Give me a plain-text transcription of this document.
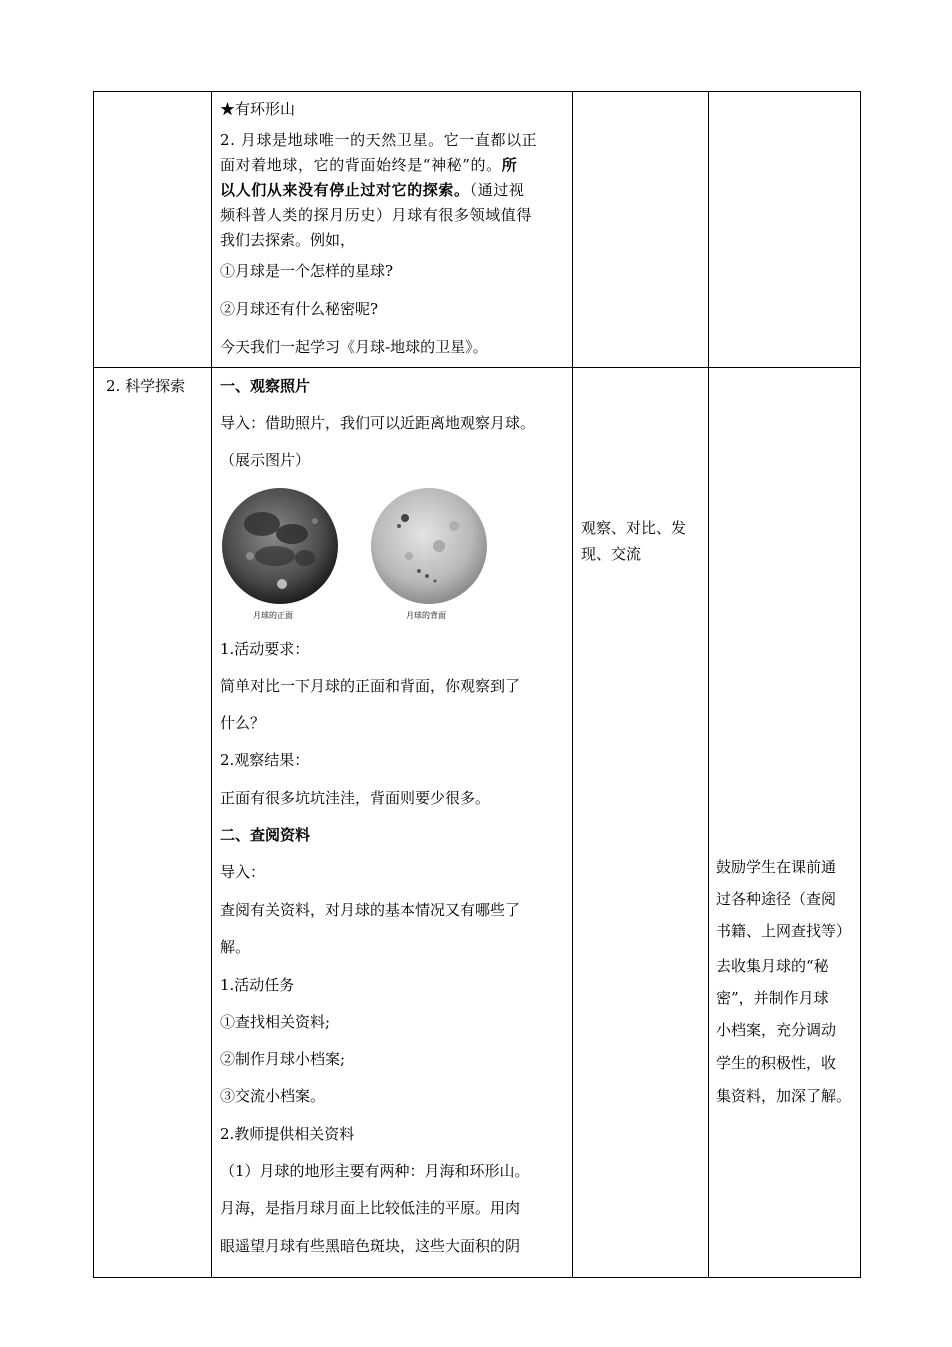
★有环形山
2. 月球是地球唯一的天然卫星。它一直都以正
面对着地球，它的背面始终是“神秘”的。所
以人们从来没有停止过对它的探索。（通过视
频科普人类的探月历史）月球有很多领域值得
我们去探索。例如，
①月球是一个怎样的星球?
②月球还有什么秘密呢?
今天我们一起学习《月球-地球的卫星》。
2. 科学探索 一、观察照片
导入：借助照片，我们可以近距离地观察月球。
（展示图片）
月球的正面	月球的背面
1.活动要求：
简单对比一下月球的正面和背面，你观察到了
什么？
2.观察结果：
正面有很多坑坑洼洼，背面则要少很多。
二、查阅资料
导入：
查阅有关资料，对月球的基本情况又有哪些了
解。
1.活动任务
①查找相关资料;
②制作月球小档案;
③交流小档案。
2.教师提供相关资料
（1）月球的地形主要有两种：月海和环形山。
月海，是指月球月面上比较低洼的平原。用肉
眼遥望月球有些黑暗色斑块，这些大面积的阴
观察、对比、发
现、交流
鼓励学生在课前通
过各种途径（查阅
书籍、上网查找等）
去收集月球的“秘
密”，并制作月球
小档案，充分调动
学生的积极性，收
集资料，加深了解。
